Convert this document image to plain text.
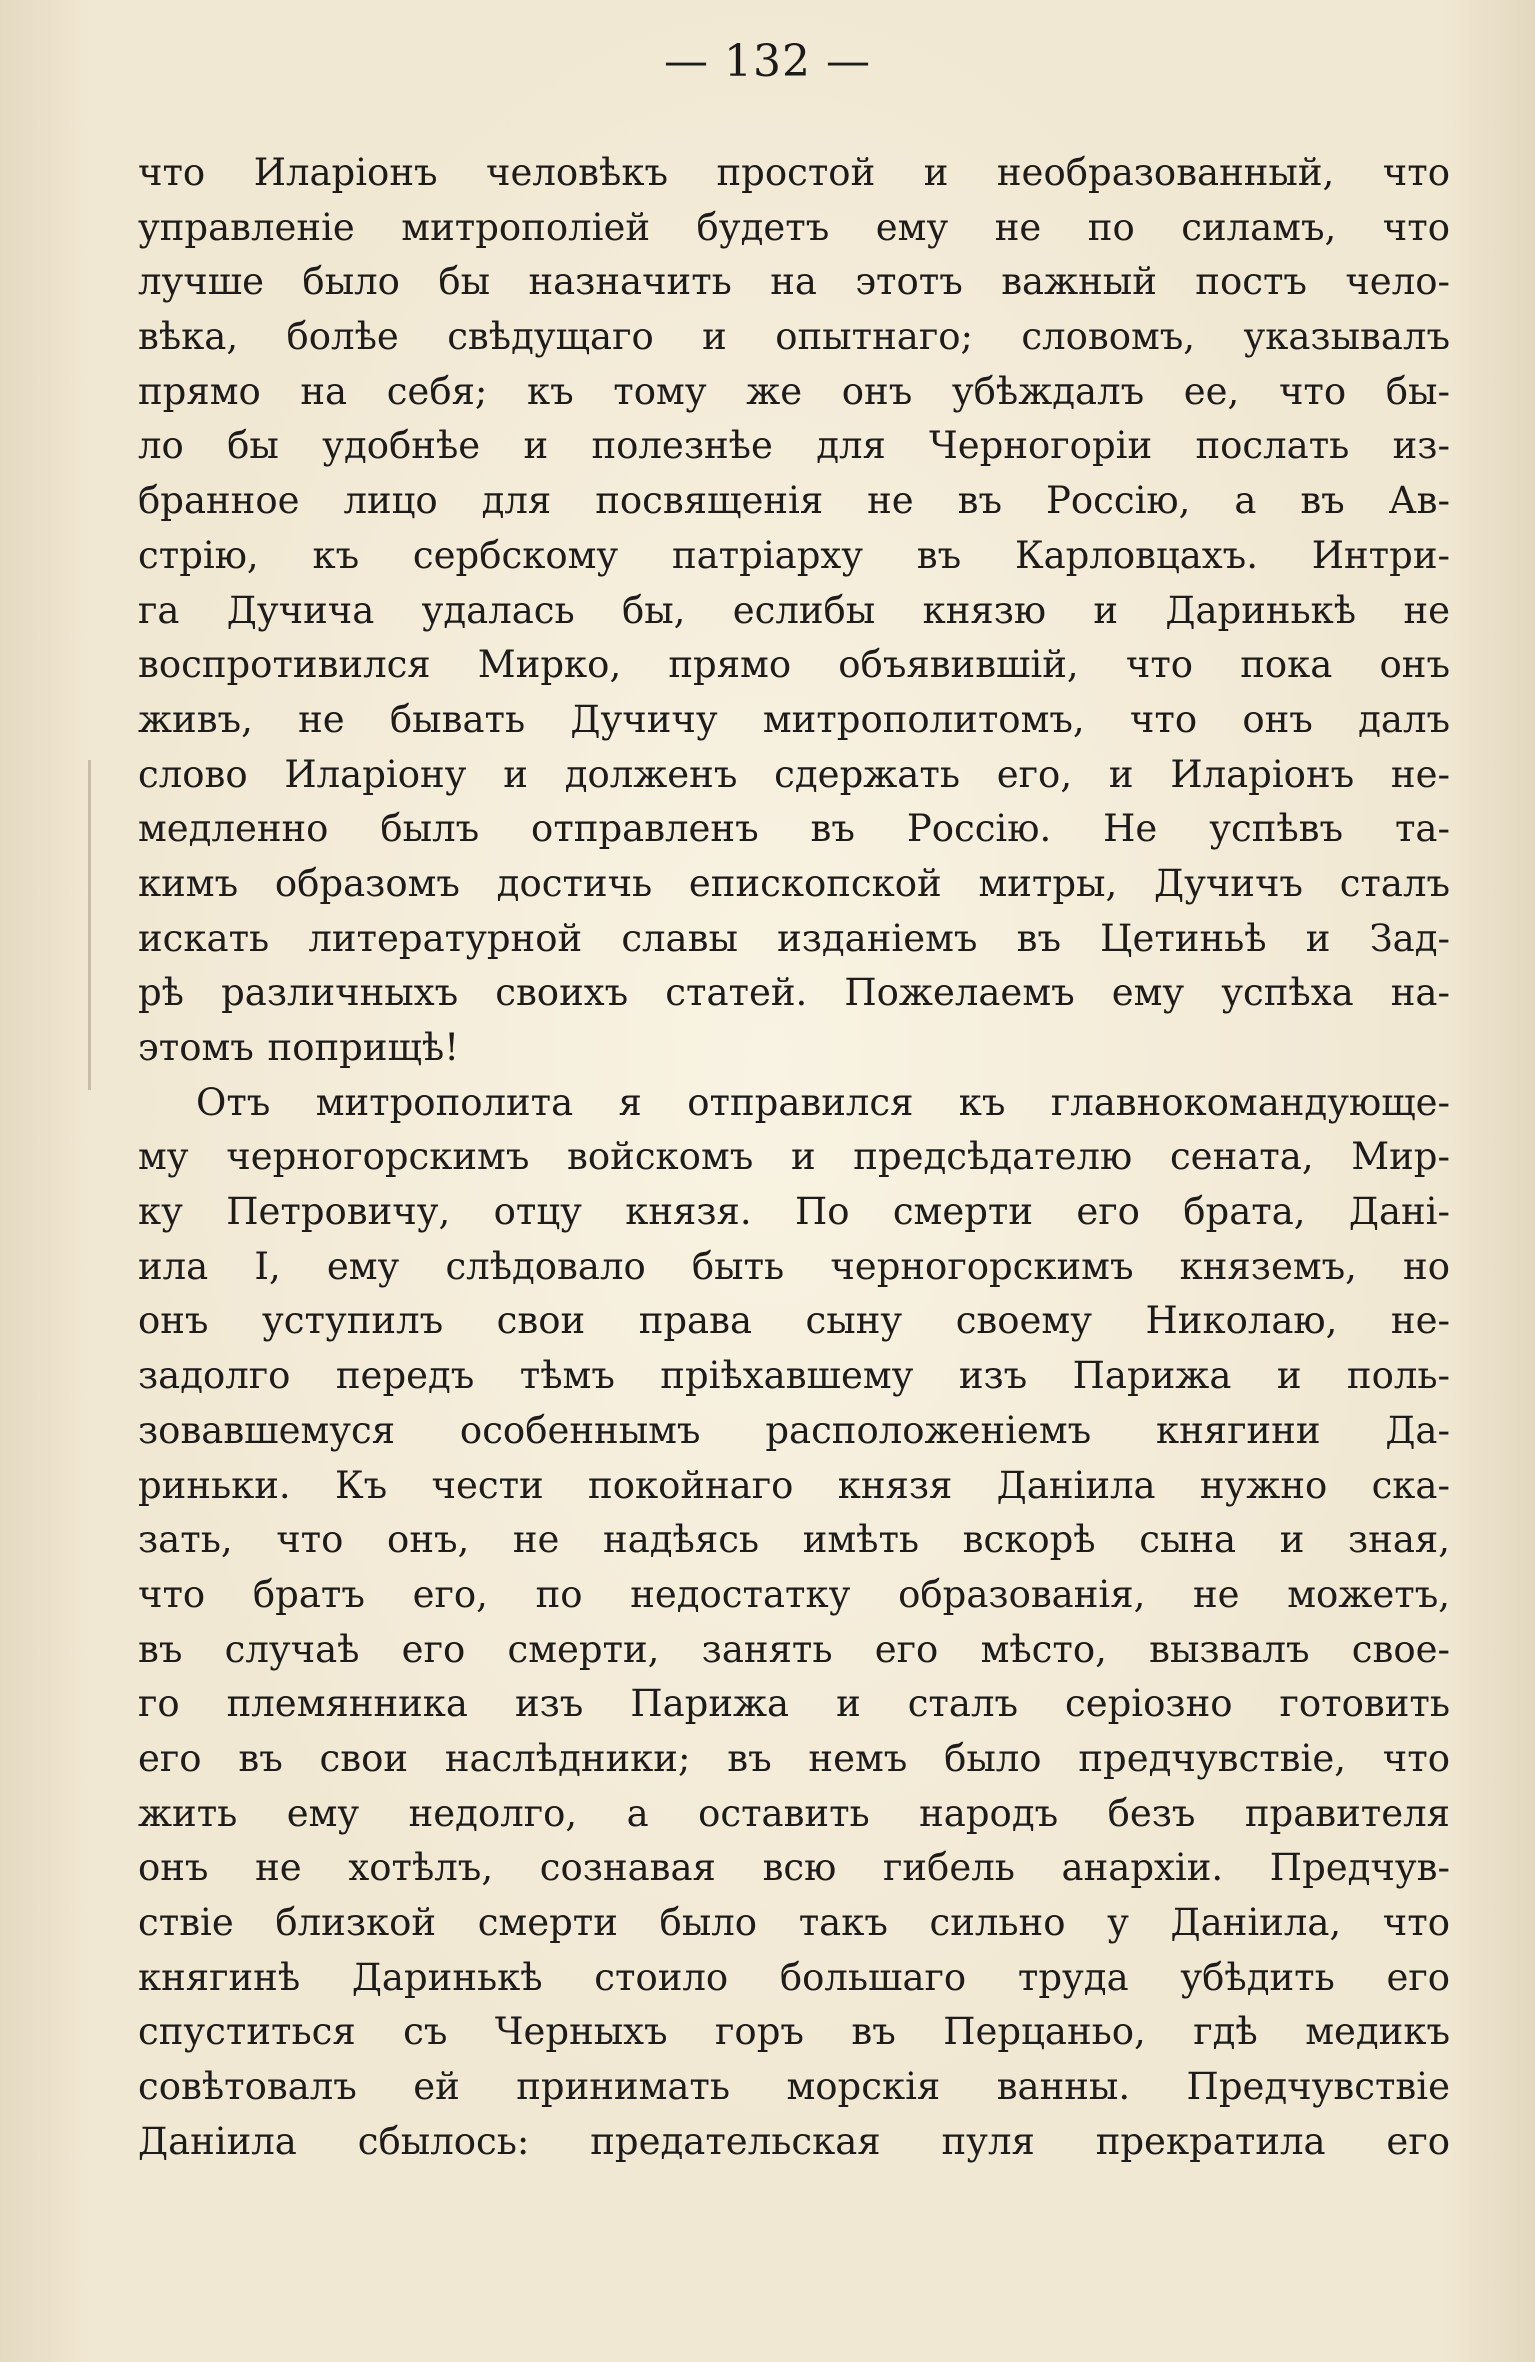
— 132 —
что Иларіонъ человѣкъ простой и необразованный, что
управленіе митрополіей будетъ ему не по силамъ, что
лучше было бы назначить на этотъ важный постъ чело-
вѣка, болѣе свѣдущаго и опытнаго; словомъ, указывалъ
прямо на себя; къ тому же онъ убѣждалъ ее, что бы-
ло бы удобнѣе и полезнѣе для Черногоріи послать из-
бранное лицо для посвященія не въ Россію, а въ Ав-
стрію, къ сербскому патріарху въ Карловцахъ. Интри-
га Дучича удалась бы, еслибы князю и Даринькѣ не
воспротивился Мирко, прямо объявившій, что пока онъ
живъ, не бывать Дучичу митрополитомъ, что онъ далъ
слово Иларіону и долженъ сдержать его, и Иларіонъ не-
медленно былъ отправленъ въ Россію. Не успѣвъ та-
кимъ образомъ достичь епископской митры, Дучичъ сталъ
искать литературной славы изданіемъ въ Цетиньѣ и Зад-
рѣ различныхъ своихъ статей. Пожелаемъ ему успѣха на-
этомъ поприщѣ!
Отъ митрополита я отправился къ главнокомандующе-
му черногорскимъ войскомъ и предсѣдателю сената, Мир-
ку Петровичу, отцу князя. По смерти его брата, Дані-
ила I, ему слѣдовало быть черногорскимъ княземъ, но
онъ уступилъ свои права сыну своему Николаю, не-
задолго передъ тѣмъ пріѣхавшему изъ Парижа и поль-
зовавшемуся особеннымъ расположеніемъ княгини Да-
риньки. Къ чести покойнаго князя Даніила нужно ска-
зать, что онъ, не надѣясь имѣть вскорѣ сына и зная,
что братъ его, по недостатку образованія, не можетъ,
въ случаѣ его смерти, занять его мѣсто, вызвалъ свое-
го племянника изъ Парижа и сталъ серіозно готовить
его въ свои наслѣдники; въ немъ было предчувствіе, что
жить ему недолго, а оставить народъ безъ правителя
онъ не хотѣлъ, сознавая всю гибель анархіи. Предчув-
ствіе близкой смерти было такъ сильно у Даніила, что
княгинѣ Даринькѣ стоило большаго труда убѣдить его
спуститься съ Черныхъ горъ въ Перцаньо, гдѣ медикъ
совѣтовалъ ей принимать морскія ванны. Предчувствіе
Даніила сбылось: предательская пуля прекратила его
